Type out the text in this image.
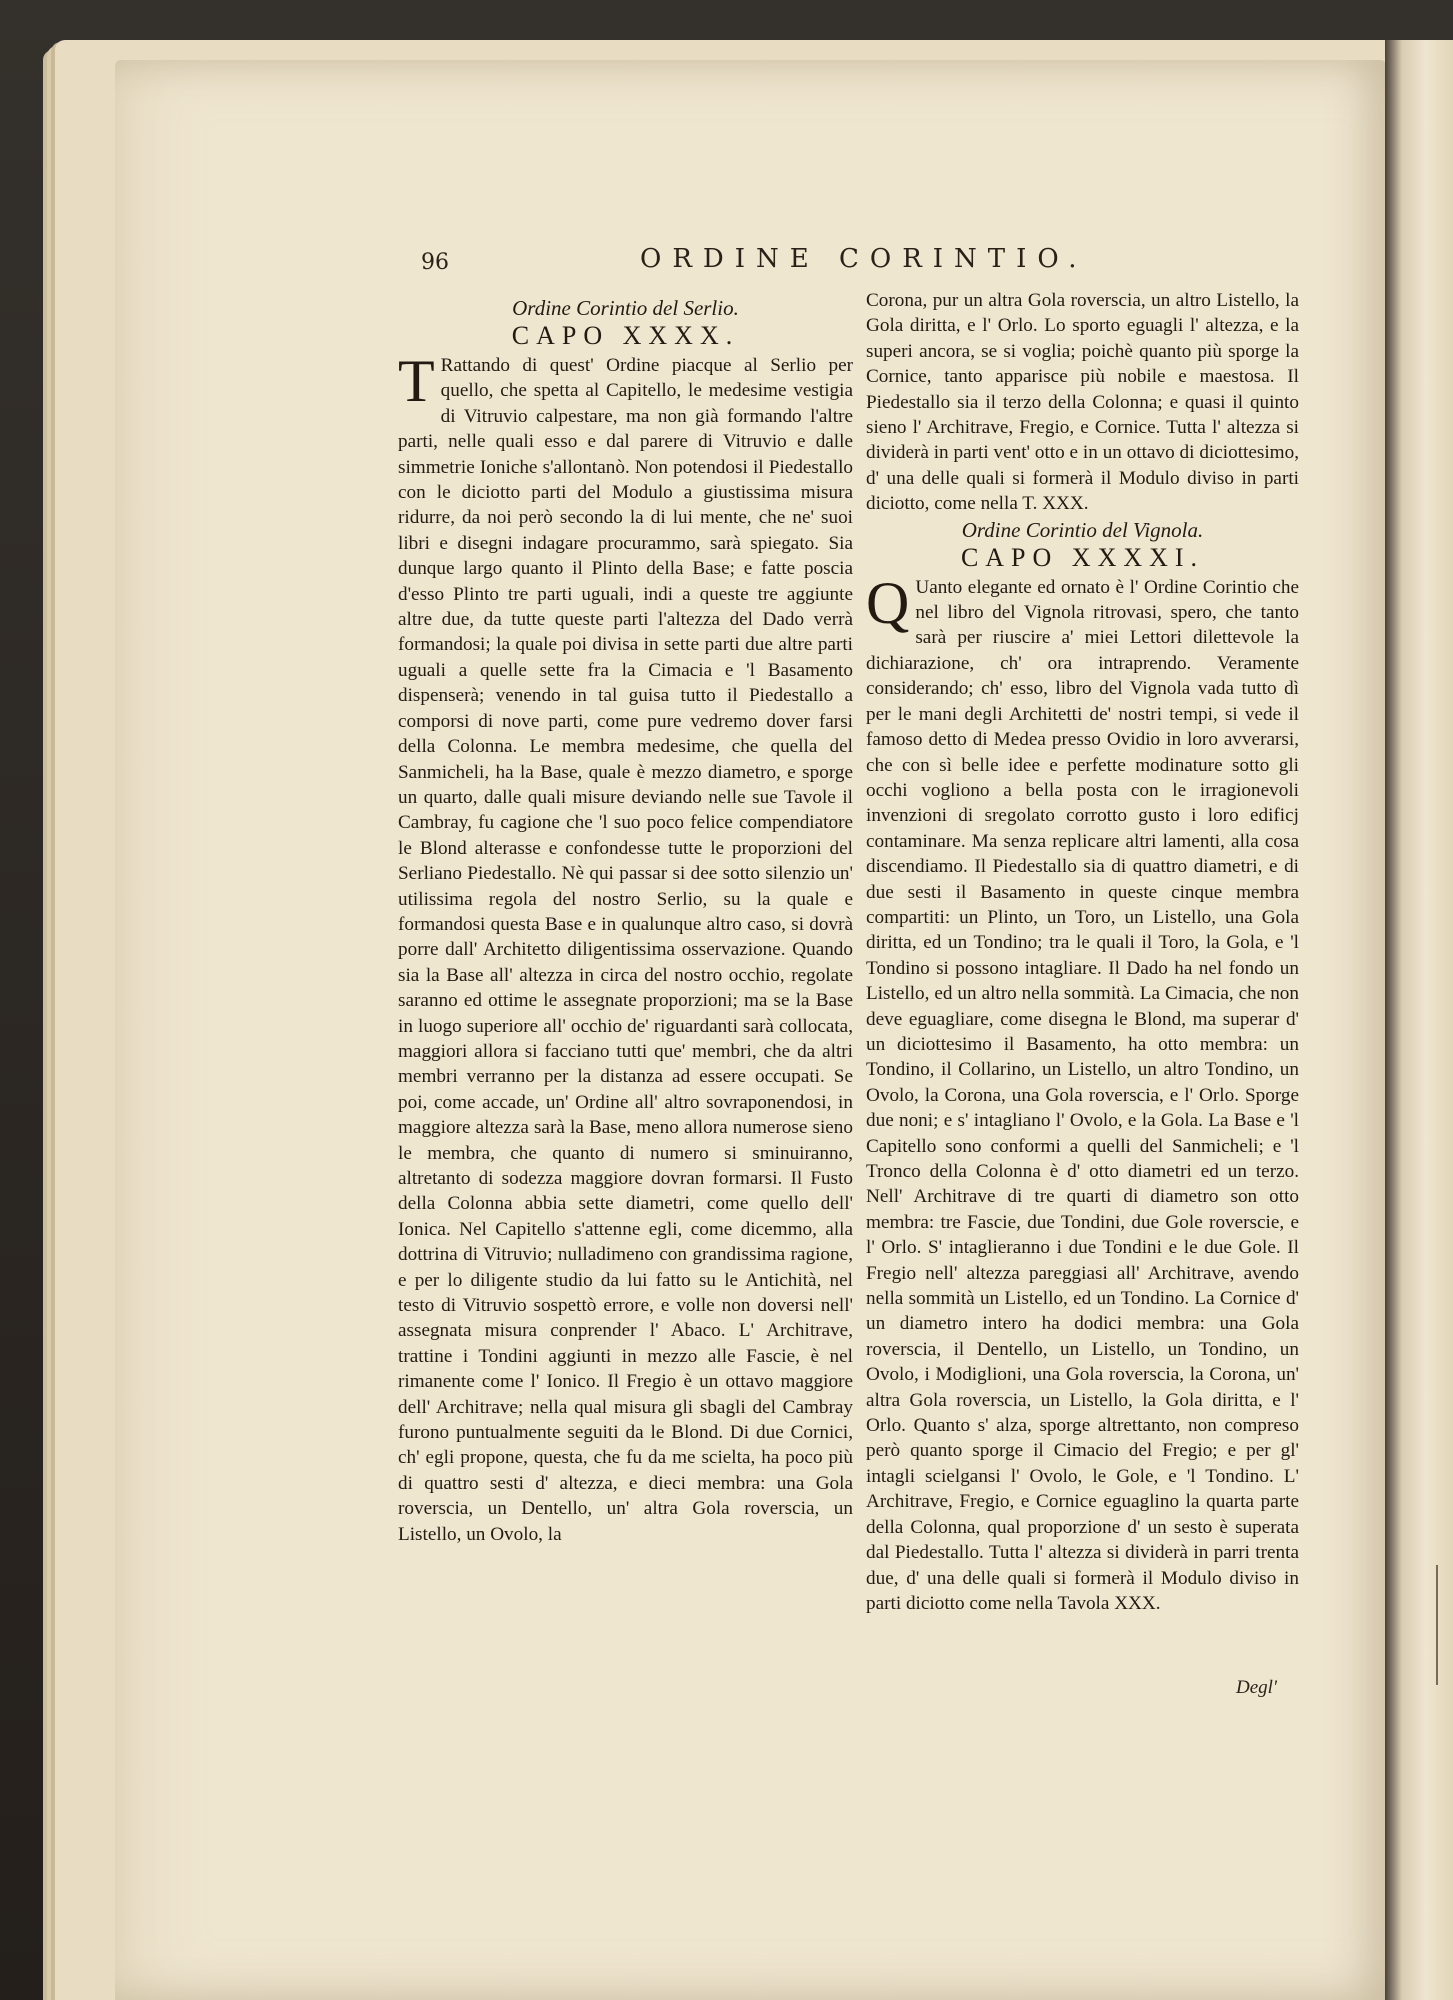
96	ORDINE CORINTIO.

Ordine Corintio del Serlio.

CAPO XXXX.

T Rattando di quest' Ordine piacque al Serlio per quello, che spetta al Capitello, le medesime vestigia di Vitruvio calpestare, ma non già formando l'altre parti, nelle quali esso e dal parere di Vitruvio e dalle simmetrie Ioniche s'allontanò. Non potendosi il Piedestallo con le diciotto parti del Modulo a giustissima misura ridurre, da noi però secondo la di lui mente, che ne' suoi libri e disegni indagare procurammo, sarà spiegato. Sia dunque largo quanto il Plinto della Base; e fatte poscia d'esso Plinto tre parti uguali, indi a queste tre aggiunte altre due, da tutte queste parti l'altezza del Dado verrà formandosi; la quale poi divisa in sette parti due altre parti uguali a quelle sette fra la Cimacia e 'l Basamento dispenserà; venendo in tal guisa tutto il Piedestallo a comporsi di nove parti, come pure vedremo dover farsi della Colonna. Le membra medesime, che quella del Sanmicheli, ha la Base, quale è mezzo diametro, e sporge un quarto, dalle quali misure deviando nelle sue Tavole il Cambray, fu cagione che 'l suo poco felice compendiatore le Blond alterasse e confondesse tutte le proporzioni del Serliano Piedestallo. Nè qui passar si dee sotto silenzio un' utilissima regola del nostro Serlio, su la quale e formandosi questa Base e in qualunque altro caso, si dovrà porre dall' Architetto diligentissima osservazione. Quando sia la Base all' altezza in circa del nostro occhio, regolate saranno ed ottime le assegnate proporzioni; ma se la Base in luogo superiore all' occhio de' riguardanti sarà collocata, maggiori allora si facciano tutti que' membri, che da altri membri verranno per la distanza ad essere occupati. Se poi, come accade, un' Ordine all' altro sovraponendosi, in maggiore altezza sarà la Base, meno allora numerose sieno le membra, che quanto di numero si sminuiranno, altretanto di sodezza maggiore dovran formarsi. Il Fusto della Colonna abbia sette diametri, come quello dell' Ionica. Nel Capitello s'attenne egli, come dicemmo, alla dottrina di Vitruvio; nulladimeno con grandissima ragione, e per lo diligente studio da lui fatto su le Antichità, nel testo di Vitruvio sospettò errore, e volle non doversi nell' assegnata misura conprender l' Abaco. L' Architrave, trattine i Tondini aggiunti in mezzo alle Fascie, è nel rimanente come l' Ionico. Il Fregio è un ottavo maggiore dell' Architrave; nella qual misura gli sbagli del Cambray furono puntualmente seguiti da le Blond. Di due Cornici, ch' egli propone, questa, che fu da me scielta, ha poco più di quattro sesti d' altezza, e dieci membra: una Gola roverscia, un Dentello, un' altra Gola roverscia, un Listello, un Ovolo, la

Corona, pur un altra Gola roverscia, un altro Listello, la Gola diritta, e l' Orlo. Lo sporto eguagli l' altezza, e la superi ancora, se si voglia; poichè quanto più sporge la Cornice, tanto apparisce più nobile e maestosa. Il Piedestallo sia il terzo della Colonna; e quasi il quinto sieno l' Architrave, Fregio, e Cornice. Tutta l' altezza si dividerà in parti vent' otto e in un ottavo di diciottesimo, d' una delle quali si formerà il Modulo diviso in parti diciotto, come nella T. XXX.

Ordine Corintio del Vignola.

CAPO XXXXI.

Q Uanto elegante ed ornato è l' Ordine Corintio che nel libro del Vignola ritrovasi, spero, che tanto sarà per riuscire a' miei Lettori dilettevole la dichiarazione, ch' ora intraprendo. Veramente considerando; ch' esso, libro del Vignola vada tutto dì per le mani degli Architetti de' nostri tempi, si vede il famoso detto di Medea presso Ovidio in loro avverarsi, che con sì belle idee e perfette modinature sotto gli occhi vogliono a bella posta con le irragionevoli invenzioni di sregolato corrotto gusto i loro edificj contaminare. Ma senza replicare altri lamenti, alla cosa discendiamo. Il Piedestallo sia di quattro diametri, e di due sesti il Basamento in queste cinque membra compartiti: un Plinto, un Toro, un Listello, una Gola diritta, ed un Tondino; tra le quali il Toro, la Gola, e 'l Tondino si possono intagliare. Il Dado ha nel fondo un Listello, ed un altro nella sommità. La Cimacia, che non deve eguagliare, come disegna le Blond, ma superar d' un diciottesimo il Basamento, ha otto membra: un Tondino, il Collarino, un Listello, un altro Tondino, un Ovolo, la Corona, una Gola roverscia, e l' Orlo. Sporge due noni; e s' intagliano l' Ovolo, e la Gola. La Base e 'l Capitello sono conformi a quelli del Sanmicheli; e 'l Tronco della Colonna è d' otto diametri ed un terzo. Nell' Architrave di tre quarti di diametro son otto membra: tre Fascie, due Tondini, due Gole roverscie, e l' Orlo. S' intaglieranno i due Tondini e le due Gole. Il Fregio nell' altezza pareggiasi all' Architrave, avendo nella sommità un Listello, ed un Tondino. La Cornice d' un diametro intero ha dodici membra: una Gola roverscia, il Dentello, un Listello, un Tondino, un Ovolo, i Modiglioni, una Gola roverscia, la Corona, un' altra Gola roverscia, un Listello, la Gola diritta, e l' Orlo. Quanto s' alza, sporge altrettanto, non compreso però quanto sporge il Cimacio del Fregio; e per gl' intagli scielgansi l' Ovolo, le Gole, e 'l Tondino. L' Architrave, Fregio, e Cornice eguaglino la quarta parte della Colonna, qual proporzione d' un sesto è superata dal Piedestallo. Tutta l' altezza si dividerà in parri trenta due, d' una delle quali si formerà il Modulo diviso in parti diciotto come nella Tavola XXX.

Degl'
